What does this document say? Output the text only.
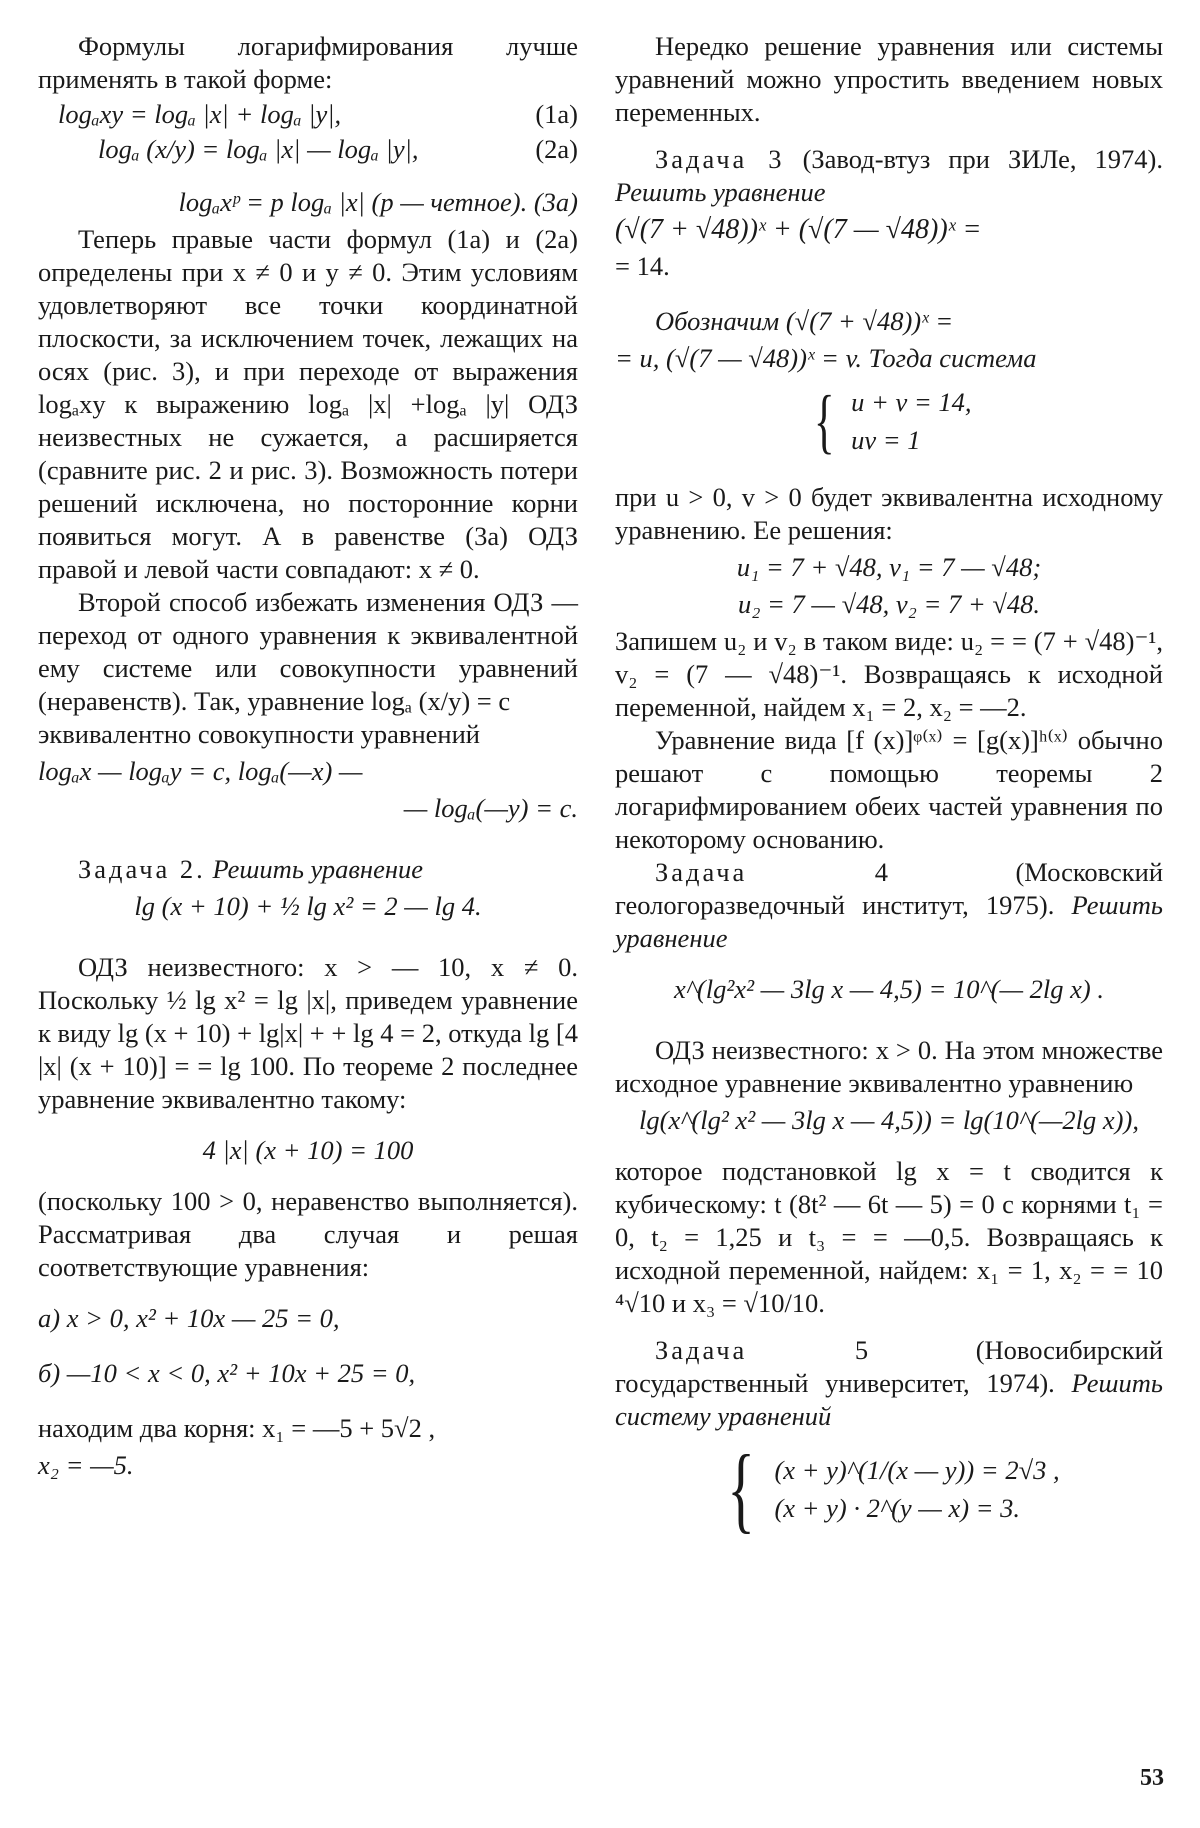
Формулы логарифмирования лучше применять в такой форме:

logₐxy = logₐ |x| + logₐ |y|,	(1a)
logₐ (x/y) = logₐ |x| — logₐ |y|,	(2a)

logₐxᵖ = p logₐ |x| (p — четное). (3a)

Теперь правые части формул (1a) и (2a) определены при x ≠ 0 и y ≠ 0. Этим условиям удовлетворяют все точки координатной плоскости, за исключением точек, лежащих на осях (рис. 3), и при переходе от выражения logₐxy к выражению logₐ |x| +logₐ |y| ОДЗ неизвестных не сужается, а расширяется (сравните рис. 2 и рис. 3). Возможность потери решений исключена, но посторонние корни появиться могут. А в равенстве (3a) ОДЗ правой и левой части совпадают: x ≠ 0.

Второй способ избежать изменения ОДЗ — переход от одного уравнения к эквивалентной ему системе или совокупности уравнений (неравенств). Так, уравнение logₐ (x/y) = c

эквивалентно совокупности уравнений

logₐx — logₐy = c, logₐ(—x) —

— logₐ(—y) = c.

Задача 2. Решить уравнение

lg (x + 10) + ½ lg x² = 2 — lg 4.

ОДЗ неизвестного: x > — 10, x ≠ 0. Поскольку ½ lg x² = lg |x|, приведем уравнение к виду lg (x + 10) + lg|x| + + lg 4 = 2, откуда lg [4 |x| (x + 10)] = = lg 100. По теореме 2 последнее уравнение эквивалентно такому:

4 |x| (x + 10) = 100

(поскольку 100 > 0, неравенство выполняется). Рассматривая два случая и решая соответствующие уравнения:

а) x > 0, x² + 10x — 25 = 0,

б) —10 < x < 0, x² + 10x + 25 = 0,

находим два корня: x₁ = —5 + 5√2 ,

x₂ = —5.

Нередко решение уравнения или системы уравнений можно упростить введением новых переменных.

Задача 3 (Завод-втуз при ЗИЛе, 1974). Решить уравнение

(√(7 + √48))ˣ + (√(7 — √48))ˣ =

= 14.

Обозначим (√(7 + √48))ˣ =

= u, (√(7 — √48))ˣ = v. Тогда система

{ u + v = 14,
uv = 1

при u > 0, v > 0 будет эквивалентна исходному уравнению. Ее решения:

u₁ = 7 + √48, v₁ = 7 — √48;

u₂ = 7 — √48, v₂ = 7 + √48.

Запишем u₂ и v₂ в таком виде: u₂ = = (7 + √48)⁻¹, v₂ = (7 — √48)⁻¹. Возвращаясь к исходной переменной, найдем x₁ = 2, x₂ = —2.

Уравнение вида [f (x)]ᵠ⁽ˣ⁾ = [g(x)]ʰ⁽ˣ⁾ обычно решают с помощью теоремы 2 логарифмированием обеих частей уравнения по некоторому основанию.

Задача 4	(Московский геологоразведочный институт, 1975). Решить уравнение

x^(lg²x² — 3lg x — 4,5) = 10^(— 2lg x) .

ОДЗ неизвестного: x > 0. На этом множестве исходное уравнение эквивалентно уравнению

lg(x^(lg² x² — 3lg x — 4,5)) = lg(10^(—2lg x)),

которое подстановкой lg x = t сводится к кубическому: t (8t² — 6t — 5) = 0 с корнями t₁ = 0, t₂ = 1,25 и t₃ = = —0,5. Возвращаясь к исходной переменной, найдем: x₁ = 1, x₂ = = 10 ⁴√10 и x₃ = √10/10.

Задача 5	(Новосибирский государственный университет, 1974). Решить систему уравнений

{ (x + y)^(1/(x — y)) = 2√3 ,
(x + y) · 2^(y — x) = 3.
53
